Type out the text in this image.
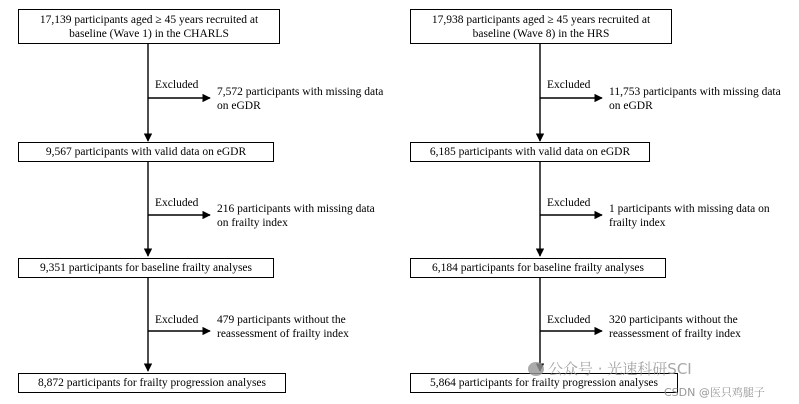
17,139 participants aged ≥ 45 years recruited at baseline (Wave 1) in the CHARLS
9,567 participants with valid data on eGDR
9,351 participants for baseline frailty analyses
8,872 participants for frailty progression analyses
Excluded
7,572 participants with missing data
on eGDR
Excluded 216 participants with missing data
on frailty index
Excluded 479 participants without the
reassessment of frailty index
17,938 participants aged ≥ 45 years recruited at baseline (Wave 8) in the HRS
6,185 participants with valid data on eGDR
6,184 participants for baseline frailty analyses
5,864 participants for frailty progression analyses
Excluded
11,753 participants with missing data
on eGDR
Excluded 1 participants with missing data on
frailty index
Excluded 320 participants without the
reassessment of frailty index
公众号 · 光速科研SCI
CSDN @医只鸡腿子
